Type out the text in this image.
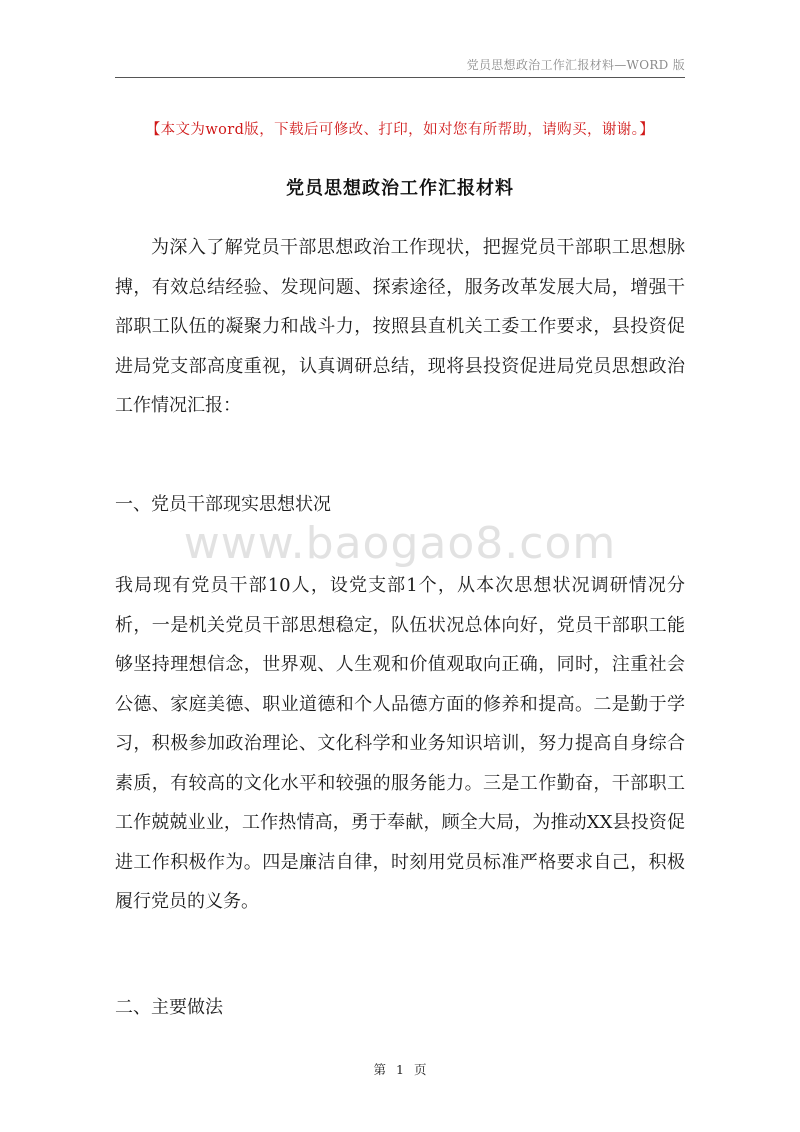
党员思想政治工作汇报材料—WORD 版
【本文为word版，下载后可修改、打印，如对您有所帮助，请购买，谢谢。】
党员思想政治工作汇报材料

为深入了解党员干部思想政治工作现状，把握党员干部职工思想脉搏，有效总结经验、发现问题、探索途径，服务改革发展大局，增强干部职工队伍的凝聚力和战斗力，按照县直机关工委工作要求，县投资促进局党支部高度重视，认真调研总结，现将县投资促进局党员思想政治工作情况汇报：

一、党员干部现实思想状况
www.baogao8.com

我局现有党员干部10人，设党支部1个，从本次思想状况调研情况分析，一是机关党员干部思想稳定，队伍状况总体向好，党员干部职工能够坚持理想信念，世界观、人生观和价值观取向正确，同时，注重社会公德、家庭美德、职业道德和个人品德方面的修养和提高。二是勤于学习，积极参加政治理论、文化科学和业务知识培训，努力提高自身综合素质，有较高的文化水平和较强的服务能力。三是工作勤奋，干部职工工作兢兢业业，工作热情高，勇于奉献，顾全大局，为推动XX县投资促进工作积极作为。四是廉洁自律，时刻用党员标准严格要求自己，积极履行党员的义务。

二、主要做法
第 1 页
